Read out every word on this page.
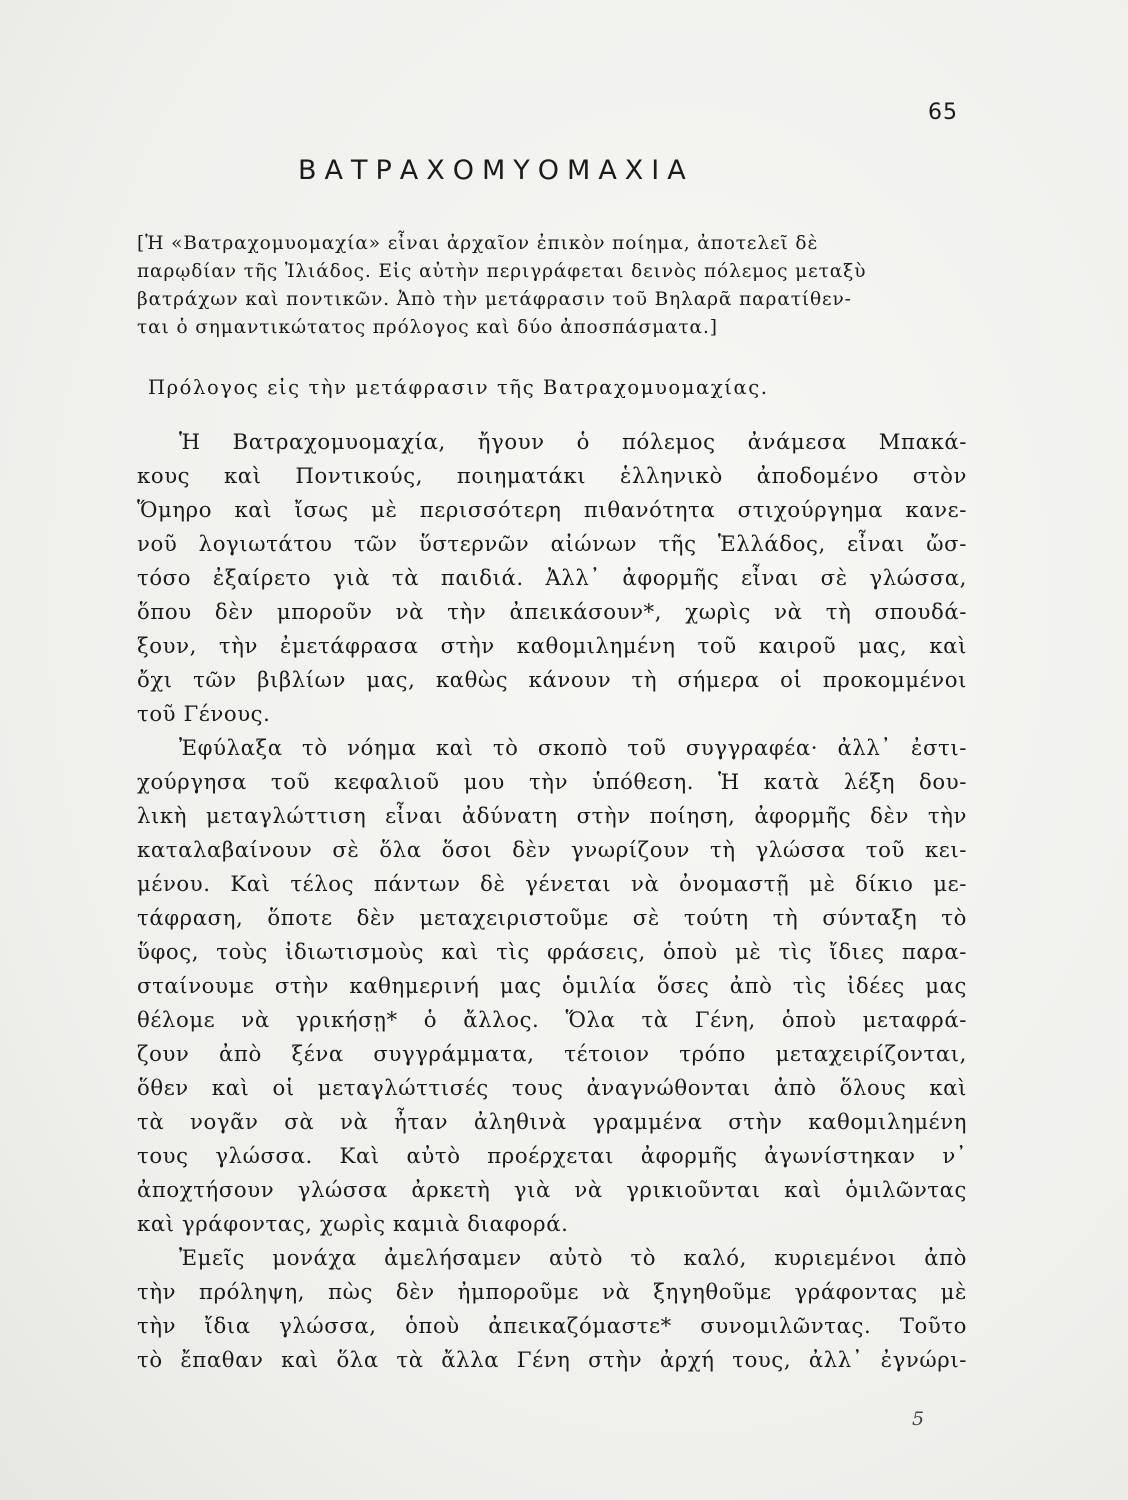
65
ΒΑΤΡΑΧΟΜΥΟΜΑΧΙΑ
[Ἡ «Βατραχομυομαχία» εἶναι ἀρχαῖον ἐπικὸν ποίημα, ἀποτελεῖ δὲ
παρῳδίαν τῆς Ἰλιάδος. Εἰς αὐτὴν περιγράφεται δεινὸς πόλεμος μεταξὺ
βατράχων καὶ ποντικῶν. Ἀπὸ τὴν μετάφρασιν τοῦ Βηλαρᾶ παρατίθεν-
ται ὁ σημαντικώτατος πρόλογος καὶ δύο ἀποσπάσματα.]
Πρόλογος εἰς τὴν μετάφρασιν τῆς Βατραχομυομαχίας.
Ἡ Βατραχομυομαχία, ἤγουν ὁ πόλεμος ἀνάμεσα Μπακά-
κους καὶ Ποντικούς, ποιηματάκι ἑλληνικὸ ἀποδομένο στὸν
Ὅμηρο καὶ ἴσως μὲ περισσότερη πιθανότητα στιχούργημα κανε-
νοῦ λογιωτάτου τῶν ὕστερνῶν αἰώνων τῆς Ἑλλάδος, εἶναι ὤσ-
τόσο ἐξαίρετο γιὰ τὰ παιδιά. Ἀλλ᾽ ἀφορμῆς εἶναι σὲ γλώσσα,
ὅπου δὲν μποροῦν νὰ τὴν ἀπεικάσουν*, χωρὶς νὰ τὴ σπουδά-
ξουν, τὴν ἐμετάφρασα στὴν καθομιλημένη τοῦ καιροῦ μας, καὶ
ὄχι τῶν βιβλίων μας, καθὼς κάνουν τὴ σήμερα οἱ προκομμένοι
τοῦ Γένους.
Ἐφύλαξα τὸ νόημα καὶ τὸ σκοπὸ τοῦ συγγραφέα· ἀλλ᾽ ἐστι-
χούργησα τοῦ κεφαλιοῦ μου τὴν ὑπόθεση. Ἡ κατὰ λέξη δου-
λικὴ μεταγλώττιση εἶναι ἀδύνατη στὴν ποίηση, ἀφορμῆς δὲν τὴν
καταλαβαίνουν σὲ ὅλα ὅσοι δὲν γνωρίζουν τὴ γλώσσα τοῦ κει-
μένου. Καὶ τέλος πάντων δὲ γένεται νὰ ὀνομαστῇ μὲ δίκιο με-
τάφραση, ὅποτε δὲν μεταχειριστοῦμε σὲ τούτη τὴ σύνταξη τὸ
ὕφος, τοὺς ἰδιωτισμοὺς καὶ τὶς φράσεις, ὁποὺ μὲ τὶς ἴδιες παρα-
σταίνουμε στὴν καθημερινή μας ὁμιλία ὅσες ἀπὸ τὶς ἰδέες μας
θέλομε νὰ γρικήσῃ* ὁ ἄλλος. Ὅλα τὰ Γένη, ὁποὺ μεταφρά-
ζουν ἀπὸ ξένα συγγράμματα, τέτοιον τρόπο μεταχειρίζονται,
ὅθεν καὶ οἱ μεταγλώττισές τους ἀναγνώθονται ἀπὸ ὅλους καὶ
τὰ νογᾶν σὰ νὰ ἦταν ἀληθινὰ γραμμένα στὴν καθομιλημένη
τους γλώσσα. Καὶ αὐτὸ προέρχεται ἀφορμῆς ἀγωνίστηκαν ν᾽
ἀποχτήσουν γλώσσα ἀρκετὴ γιὰ νὰ γρικιοῦνται καὶ ὁμιλῶντας
καὶ γράφοντας, χωρὶς καμιὰ διαφορά.
Ἐμεῖς μονάχα ἀμελήσαμεν αὐτὸ τὸ καλό, κυριεμένοι ἀπὸ
τὴν πρόληψη, πὼς δὲν ἠμποροῦμε νὰ ξηγηθοῦμε γράφοντας μὲ
τὴν ἴδια γλώσσα, ὁποὺ ἀπεικαζόμαστε* συνομιλῶντας. Τοῦτο
τὸ ἔπαθαν καὶ ὅλα τὰ ἄλλα Γένη στὴν ἀρχή τους, ἀλλ᾽ ἐγνώρι-
5
